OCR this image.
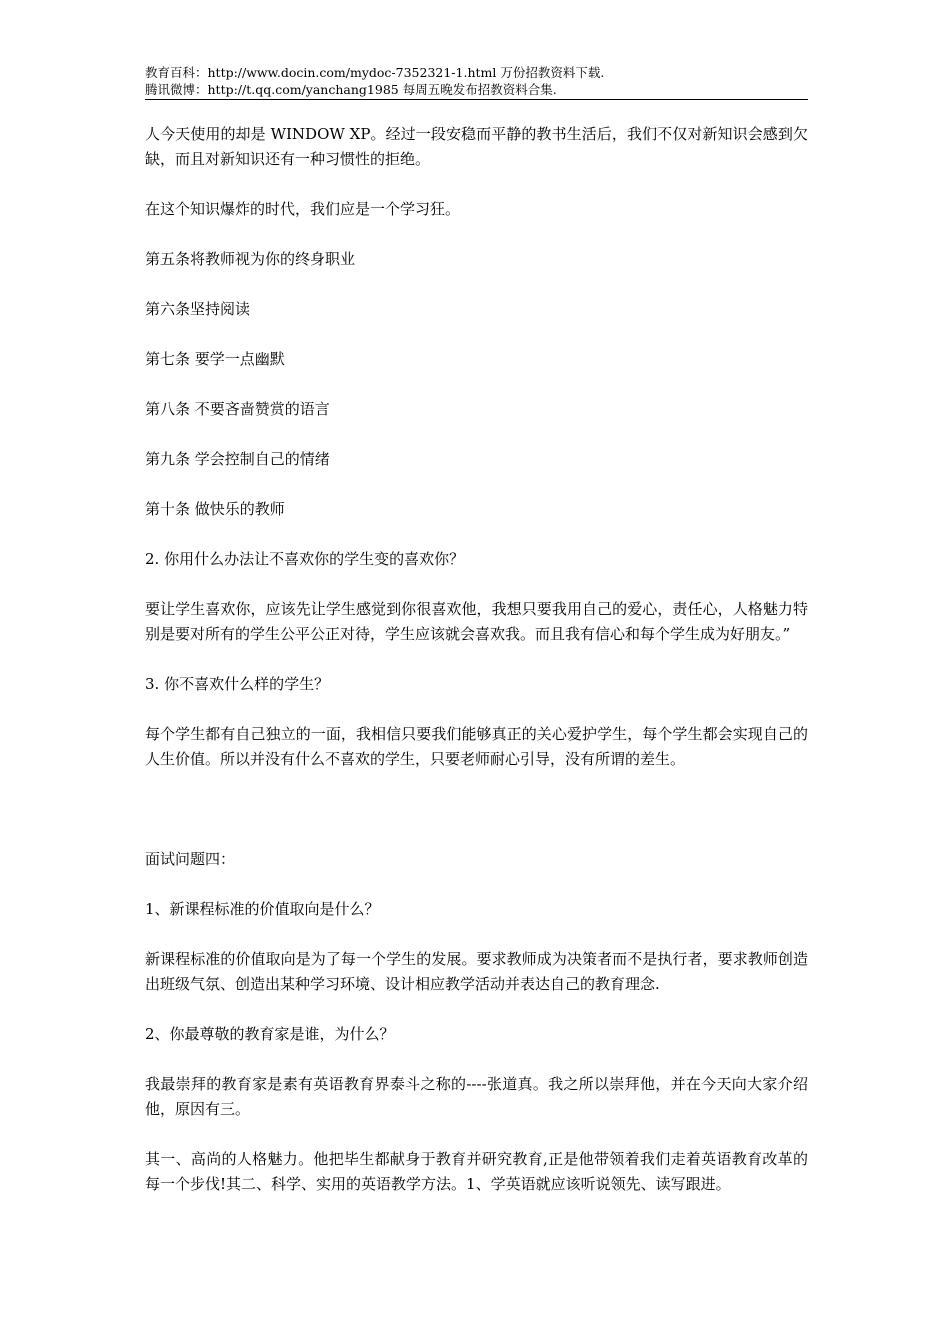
教育百科：http://www.docin.com/mydoc-7352321-1.html 万份招教资料下载.
腾讯微博：http://t.qq.com/yanchang1985 每周五晚发布招教资料合集.

人今天使用的却是 WINDOW XP。经过一段安稳而平静的教书生活后，我们不仅对新知识会感到欠缺，而且对新知识还有一种习惯性的拒绝。

在这个知识爆炸的时代，我们应是一个学习狂。

第五条将教师视为你的终身职业

第六条坚持阅读

第七条 要学一点幽默

第八条 不要吝啬赞赏的语言

第九条 学会控制自己的情绪

第十条 做快乐的教师

2. 你用什么办法让不喜欢你的学生变的喜欢你？

要让学生喜欢你，应该先让学生感觉到你很喜欢他，我想只要我用自己的爱心，责任心，人格魅力特别是要对所有的学生公平公正对待，学生应该就会喜欢我。而且我有信心和每个学生成为好朋友。”

3. 你不喜欢什么样的学生？

每个学生都有自己独立的一面，我相信只要我们能够真正的关心爱护学生，每个学生都会实现自己的人生价值。所以并没有什么不喜欢的学生，只要老师耐心引导，没有所谓的差生。

面试问题四：

1、新课程标准的价值取向是什么？

新课程标准的价值取向是为了每一个学生的发展。要求教师成为决策者而不是执行者，要求教师创造出班级气氛、创造出某种学习环境、设计相应教学活动并表达自己的教育理念.

2、你最尊敬的教育家是谁，为什么？

我最崇拜的教育家是素有英语教育界泰斗之称的----张道真。我之所以崇拜他，并在今天向大家介绍他，原因有三。

其一、高尚的人格魅力。他把毕生都献身于教育并研究教育,正是他带领着我们走着英语教育改革的每一个步伐!其二、科学、实用的英语教学方法。1、学英语就应该听说领先、读写跟进。
